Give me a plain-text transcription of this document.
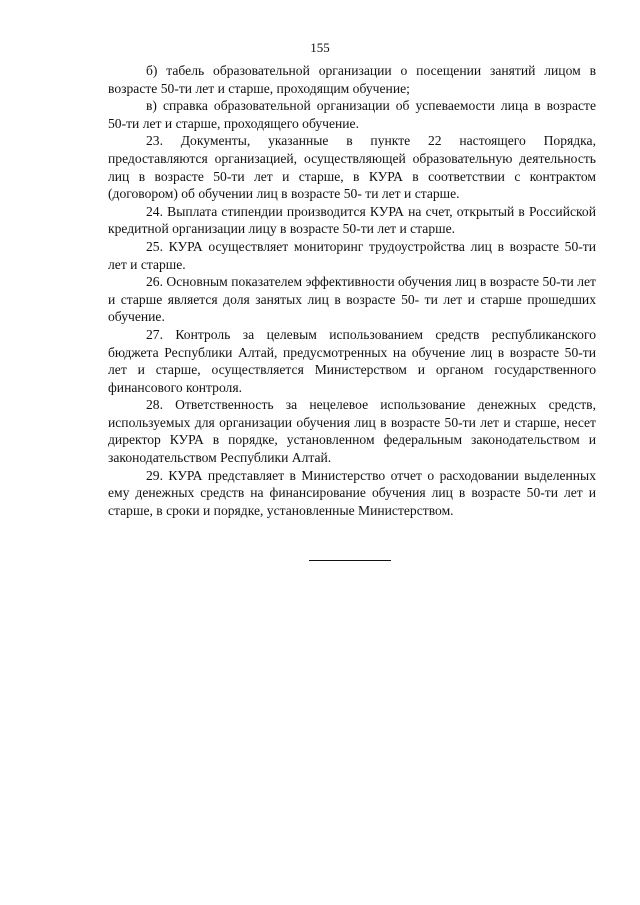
155

б) табель образовательной организации о посещении занятий лицом в возрасте 50-ти лет и старше, проходящим обучение;

в) справка образовательной организации об успеваемости лица в возрасте 50-ти лет и старше, проходящего обучение.

23. Документы, указанные в пункте 22 настоящего Порядка, предоставляются организацией, осуществляющей образовательную деятельность лиц в возрасте 50-ти лет и старше, в КУРА в соответствии с контрактом (договором) об обучении лиц в возрасте 50- ти лет и старше.

24. Выплата стипендии производится КУРА на счет, открытый в Российской кредитной организации лицу в возрасте 50-ти лет и старше.

25. КУРА осуществляет мониторинг трудоустройства лиц в возрасте 50-ти лет и старше.

26. Основным показателем эффективности обучения лиц в возрасте 50-ти лет и старше является доля занятых лиц в возрасте 50- ти лет и старше прошедших обучение.

27. Контроль за целевым использованием средств республиканского бюджета Республики Алтай, предусмотренных на обучение лиц в возрасте 50-ти лет и старше, осуществляется Министерством и органом государственного финансового контроля.

28. Ответственность за нецелевое использование денежных средств, используемых для организации обучения лиц в возрасте 50-ти лет и старше, несет директор КУРА в порядке, установленном федеральным законодательством и законодательством Республики Алтай.

29. КУРА представляет в Министерство отчет о расходовании выделенных ему денежных средств на финансирование обучения лиц в возрасте 50-ти лет и старше, в сроки и порядке, установленные Министерством.
